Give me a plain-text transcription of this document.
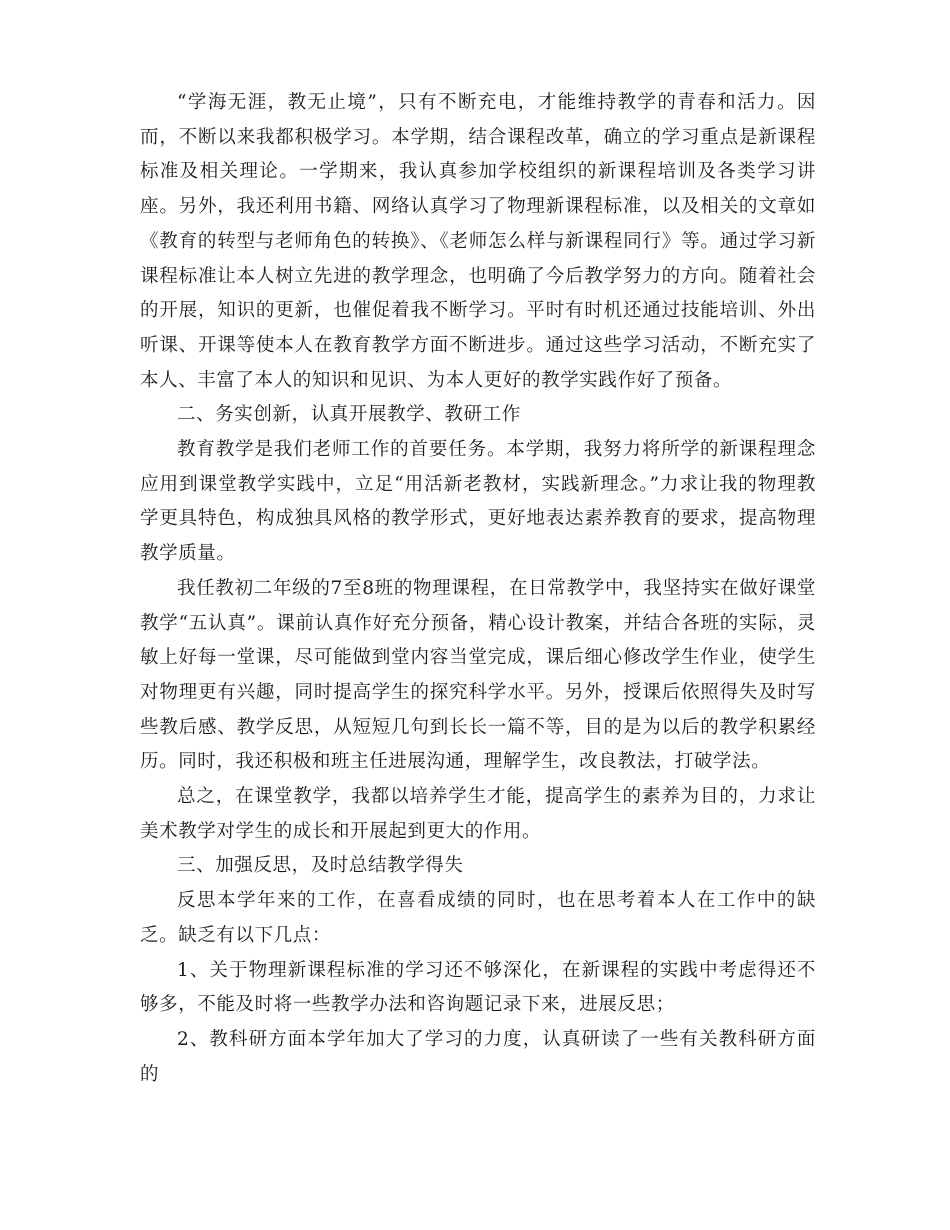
“学海无涯，教无止境”，只有不断充电，才能维持教学的青春和活力。因而，不断以来我都积极学习。本学期，结合课程改革，确立的学习重点是新课程标准及相关理论。一学期来，我认真参加学校组织的新课程培训及各类学习讲座。另外，我还利用书籍、网络认真学习了物理新课程标准，以及相关的文章如《教育的转型与老师角色的转换》、《老师怎么样与新课程同行》等。通过学习新课程标准让本人树立先进的教学理念，也明确了今后教学努力的方向。随着社会的开展，知识的更新，也催促着我不断学习。平时有时机还通过技能培训、外出听课、开课等使本人在教育教学方面不断进步。通过这些学习活动，不断充实了本人、丰富了本人的知识和见识、为本人更好的教学实践作好了预备。

二、务实创新，认真开展教学、教研工作

教育教学是我们老师工作的首要任务。本学期，我努力将所学的新课程理念应用到课堂教学实践中，立足“用活新老教材，实践新理念。”力求让我的物理教学更具特色，构成独具风格的教学形式，更好地表达素养教育的要求，提高物理教学质量。

我任教初二年级的7至8班的物理课程，在日常教学中，我坚持实在做好课堂教学“五认真”。课前认真作好充分预备，精心设计教案，并结合各班的实际，灵敏上好每一堂课，尽可能做到堂内容当堂完成，课后细心修改学生作业，使学生对物理更有兴趣，同时提高学生的探究科学水平。另外，授课后依照得失及时写些教后感、教学反思，从短短几句到长长一篇不等，目的是为以后的教学积累经历。同时，我还积极和班主任进展沟通，理解学生，改良教法，打破学法。

总之，在课堂教学，我都以培养学生才能，提高学生的素养为目的，力求让美术教学对学生的成长和开展起到更大的作用。

三、加强反思，及时总结教学得失

反思本学年来的工作，在喜看成绩的同时，也在思考着本人在工作中的缺乏。缺乏有以下几点：

1、关于物理新课程标准的学习还不够深化，在新课程的实践中考虑得还不够多，不能及时将一些教学办法和咨询题记录下来，进展反思；

2、教科研方面本学年加大了学习的力度，认真研读了一些有关教科研方面的
